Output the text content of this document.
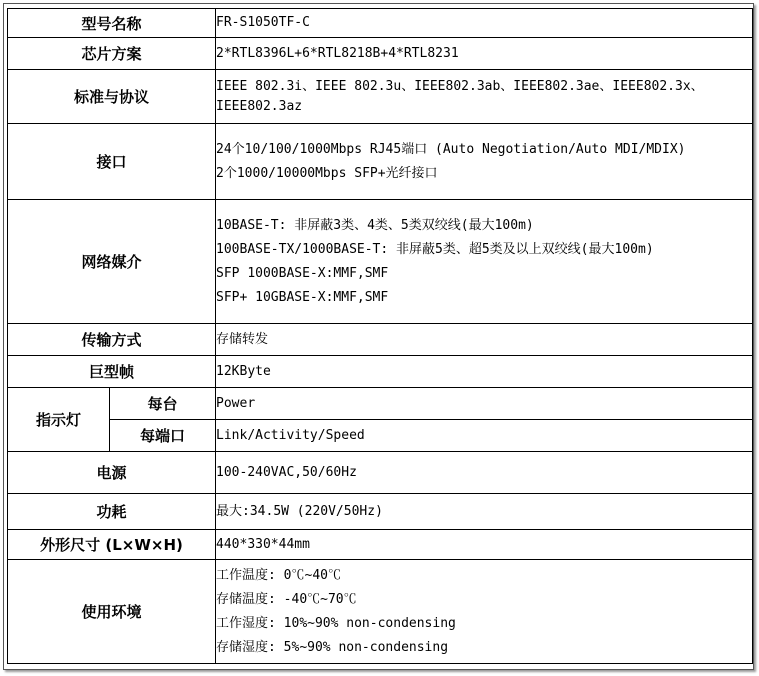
型号名称		FR-S1050TF-C
芯片方案		2*RTL8396L+6*RTL8218B+4*RTL8231
标准与协议		IEEE 802.3i、IEEE 802.3u、IEEE802.3ab、IEEE802.3ae、IEEE802.3x、IEEE802.3az

接口		24个10/100/1000Mbps RJ45端口 (Auto Negotiation/Auto MDI/MDIX)
2个1000/10000Mbps SFP+光纤接口

网络媒介		10BASE-T: 非屏蔽3类、4类、5类双绞线(最大100m)
100BASE-TX/1000BASE-T: 非屏蔽5类、超5类及以上双绞线(最大100m)
SFP 1000BASE-X:MMF,SMF
SFP+ 10GBASE-X:MMF,SMF

传输方式		存储转发
巨型帧		12KByte
指示灯	每台	Power
	每端口	Link/Activity/Speed
电源		100-240VAC,50/60Hz
功耗		最大:34.5W (220V/50Hz)
外形尺寸 (L×W×H)		440*330*44mm
使用环境		工作温度: 0℃~40℃
存储温度: -40℃~70℃
工作湿度: 10%~90% non-condensing
存储湿度: 5%~90% non-condensing
